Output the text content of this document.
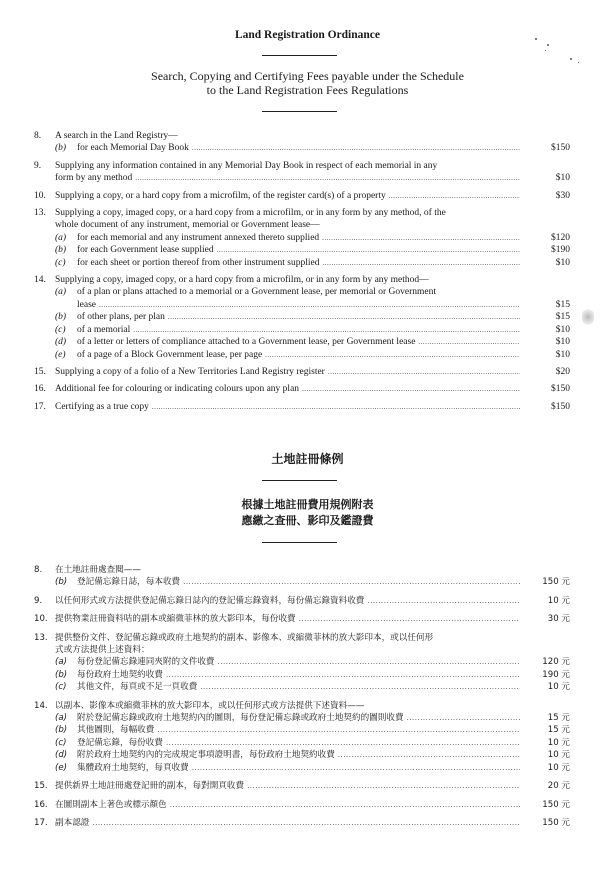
Land Registration Ordinance
Search, Copying and Certifying Fees payable under the Schedule
to the Land Registration Fees Regulations
8. A search in the Land Registry—
(b) for each Memorial Day Book .....	$150
9. Supplying any information contained in any Memorial Day Book in respect of each memorial in any
form by any method .....	$10
10. Supplying a copy, or a hard copy from a microfilm, of the register card(s) of a property .....	$30
13. Supplying a copy, imaged copy, or a hard copy from a microfilm, or in any form by any method, of the
whole document of any instrument, memorial or Government lease—
(a) for each memorial and any instrument annexed thereto supplied .....	$120
(b) for each Government lease supplied .....	$190
(c) for each sheet or portion thereof from other instrument supplied .....	$10
14. Supplying a copy, imaged copy, or a hard copy from a microfilm, or in any form by any method—
(a) of a plan or plans attached to a memorial or a Government lease, per memorial or Government
lease .....	$15
(b) of other plans, per plan .....	$15
(c) of a memorial .....	$10
(d) of a letter or letters of compliance attached to a Government lease, per Government lease .....	$10
(e) of a page of a Block Government lease, per page .....	$10
15. Supplying a copy of a folio of a New Territories Land Registry register .....	$20
16. Additional fee for colouring or indicating colours upon any plan .....	$150
17. Certifying as a true copy .....	$150
土地註冊條例
根據土地註冊費用規例附表
應繳之查冊、影印及鑑證費
8. 在土地註冊處查閱——
(b) 登記備忘錄日誌，每本收費 .....	150 元
9. 以任何形式或方法提供登記備忘錄日誌內的登記備忘錄資料，每份備忘錄資料收費 .....	10 元
10. 提供物業註冊資料咭的副本或縮微菲林的放大影印本，每份收費 .....	30 元
13. 提供整份文件、登記備忘錄或政府土地契約的副本、影像本、或縮微菲林的放大影印本，或以任何形
式或方法提供上述資料：
(a) 每份登記備忘錄連同夾附的文件收費 .....	120 元
(b) 每份政府土地契約收費 .....	190 元
(c) 其他文件，每頁或不足一頁收費 .....	10 元
14. 以副本、影像本或縮微菲林的放大影印本，或以任何形式或方法提供下述資料——
(a) 附於登記備忘錄或政府土地契約內的圖則，每份登記備忘錄或政府土地契約的圖則收費 .....	15 元
(b) 其他圖則，每幅收費 .....	15 元
(c) 登記備忘錄，每份收費 .....	10 元
(d) 附於政府土地契約內的完成規定事項證明書，每份政府土地契約收費 .....	10 元
(e) 集體政府土地契約，每頁收費 .....	10 元
15. 提供新界土地註冊處登記冊的副本，每對開頁收費 .....	20 元
16. 在圖則副本上著色或標示顏色 .....	150 元
17. 副本認證 .....	150 元
